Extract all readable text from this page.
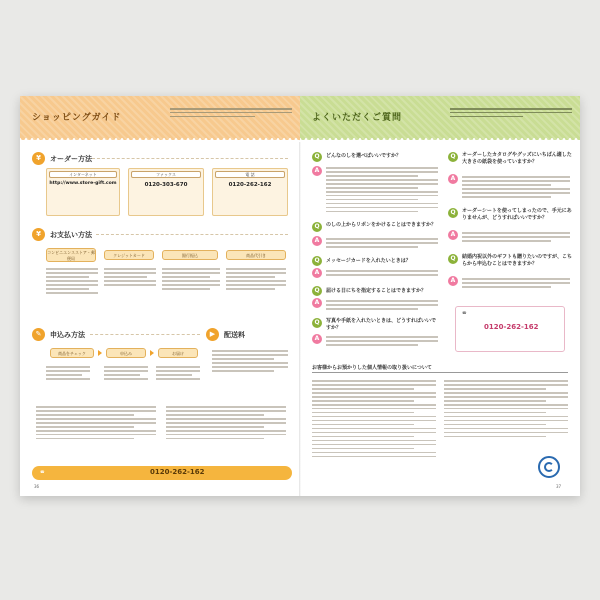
ショッピングガイド
¥	オーダー方法
インターネット
http://www.store-gift.com
ファックス
0120-303-670
電 話
0120-262-162
¥	お支払い方法
コンビニエンスストア・郵便局
クレジットカード	銀行振込	商品代引き
✎	申込み方法
商品をチェック	申込み	お届け
▶	配送料
☎	0120-262-162
36
よくいただくご質問
Q	どんなのしを選べばいいですか？
A
Q	のしの上からリボンをかけることはできますか？
A
Q	メッセージカードを入れたいときは？
A
Q	届ける日にちを指定することはできますか？
A
Q	写真や手紙を入れたいときは、どうすればいいですか？
A
Q	オーダーしたカタログやグッズにいちばん適した大きさの紙袋を使っていますか？
A
Q	オーダーシートを使ってしまったので、手元にありませんが、どうすればいいですか？
A
Q	結婚内祝以外のギフトも贈りたいのですが、こちらから申込むことはできますか？
A
☎
0120-262-162
お客様からお預かりした個人情報の取り扱いについて
37
